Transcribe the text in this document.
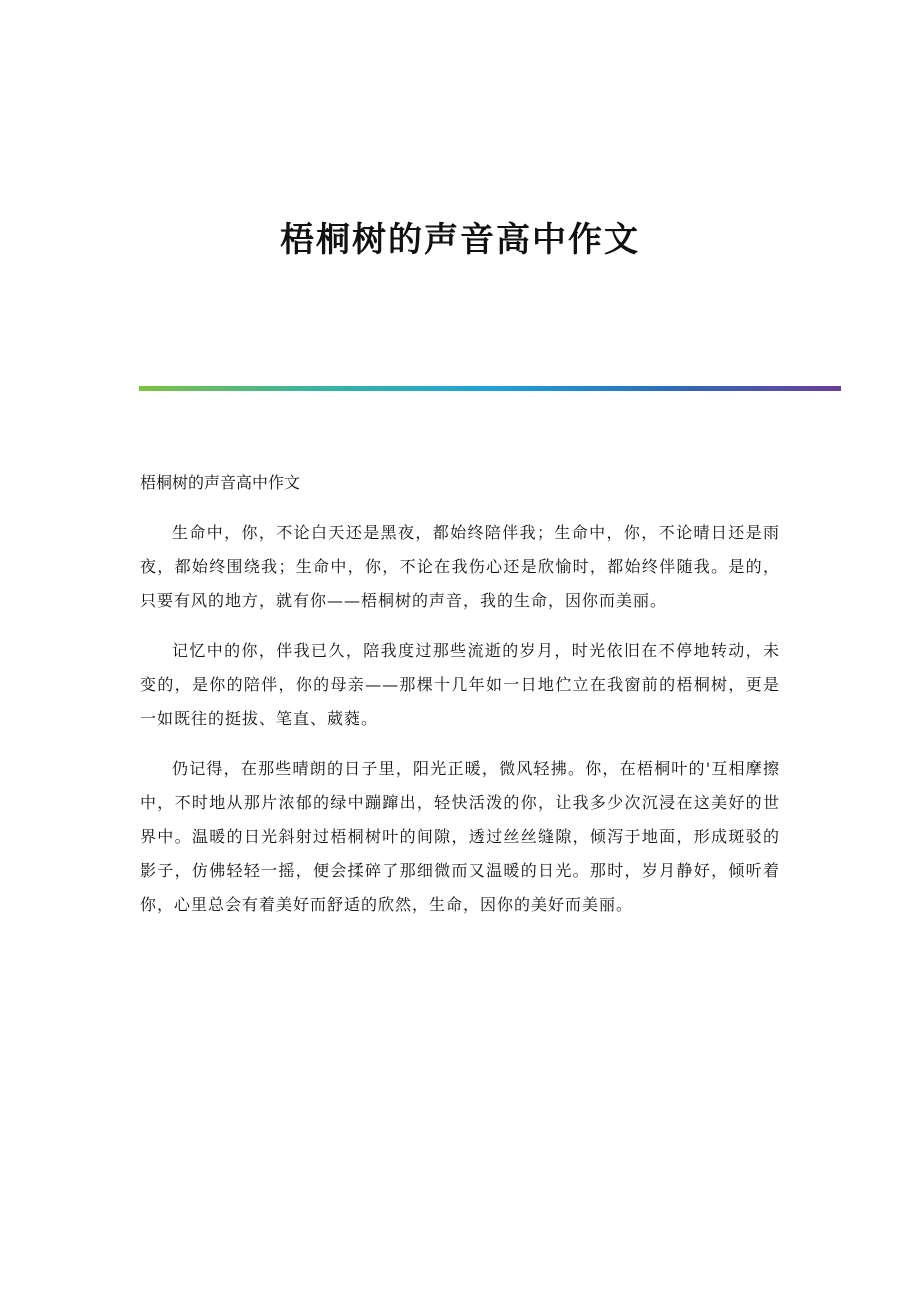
梧桐树的声音高中作文

梧桐树的声音高中作文

生命中，你，不论白天还是黑夜，都始终陪伴我；生命中，你，不论晴日还是雨夜，都始终围绕我；生命中，你，不论在我伤心还是欣愉时，都始终伴随我。是的，只要有风的地方，就有你——梧桐树的声音，我的生命，因你而美丽。

记忆中的你，伴我已久，陪我度过那些流逝的岁月，时光依旧在不停地转动，未变的，是你的陪伴，你的母亲——那棵十几年如一日地伫立在我窗前的梧桐树，更是一如既往的挺拔、笔直、葳蕤。

仍记得，在那些晴朗的日子里，阳光正暖，微风轻拂。你，在梧桐叶的'互相摩擦中，不时地从那片浓郁的绿中蹦蹿出，轻快活泼的你，让我多少次沉浸在这美好的世界中。温暖的日光斜射过梧桐树叶的间隙，透过丝丝缝隙，倾泻于地面，形成斑驳的影子，仿佛轻轻一摇，便会揉碎了那细微而又温暖的日光。那时，岁月静好，倾听着你，心里总会有着美好而舒适的欣然，生命，因你的美好而美丽。
